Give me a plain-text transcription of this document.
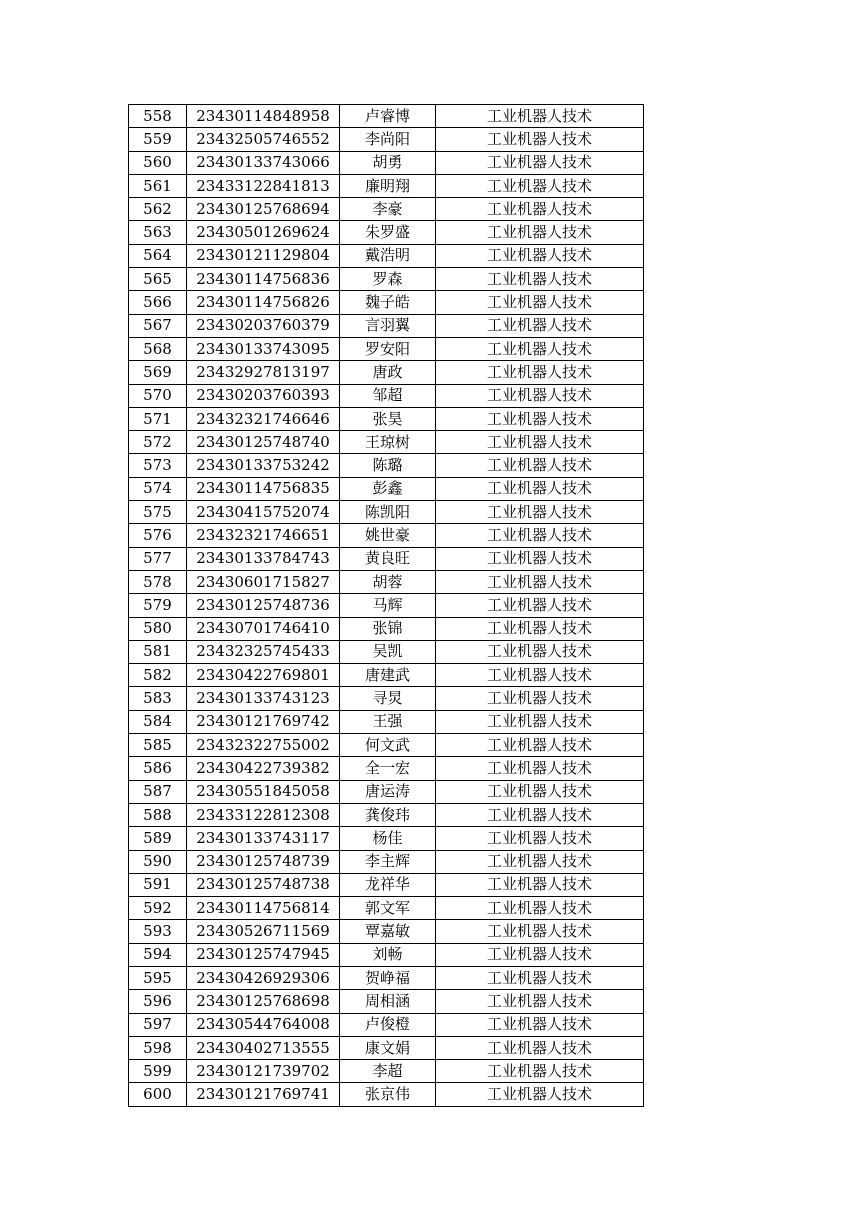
558	23430114848958	卢睿博	工业机器人技术
559	23432505746552	李尚阳	工业机器人技术
560	23430133743066	胡勇	工业机器人技术
561	23433122841813	廉明翔	工业机器人技术
562	23430125768694	李豪	工业机器人技术
563	23430501269624	朱罗盛	工业机器人技术
564	23430121129804	戴浩明	工业机器人技术
565	23430114756836	罗森	工业机器人技术
566	23430114756826	魏子皓	工业机器人技术
567	23430203760379	言羽翼	工业机器人技术
568	23430133743095	罗安阳	工业机器人技术
569	23432927813197	唐政	工业机器人技术
570	23430203760393	邹超	工业机器人技术
571	23432321746646	张昊	工业机器人技术
572	23430125748740	王琼树	工业机器人技术
573	23430133753242	陈璐	工业机器人技术
574	23430114756835	彭鑫	工业机器人技术
575	23430415752074	陈凯阳	工业机器人技术
576	23432321746651	姚世豪	工业机器人技术
577	23430133784743	黄良旺	工业机器人技术
578	23430601715827	胡蓉	工业机器人技术
579	23430125748736	马辉	工业机器人技术
580	23430701746410	张锦	工业机器人技术
581	23432325745433	吴凯	工业机器人技术
582	23430422769801	唐建武	工业机器人技术
583	23430133743123	寻炅	工业机器人技术
584	23430121769742	王强	工业机器人技术
585	23432322755002	何文武	工业机器人技术
586	23430422739382	全一宏	工业机器人技术
587	23430551845058	唐运涛	工业机器人技术
588	23433122812308	龚俊玮	工业机器人技术
589	23430133743117	杨佳	工业机器人技术
590	23430125748739	李主辉	工业机器人技术
591	23430125748738	龙祥华	工业机器人技术
592	23430114756814	郭文军	工业机器人技术
593	23430526711569	覃嘉敏	工业机器人技术
594	23430125747945	刘畅	工业机器人技术
595	23430426929306	贺峥福	工业机器人技术
596	23430125768698	周相涵	工业机器人技术
597	23430544764008	卢俊橙	工业机器人技术
598	23430402713555	康文娟	工业机器人技术
599	23430121739702	李超	工业机器人技术
600	23430121769741	张京伟	工业机器人技术
